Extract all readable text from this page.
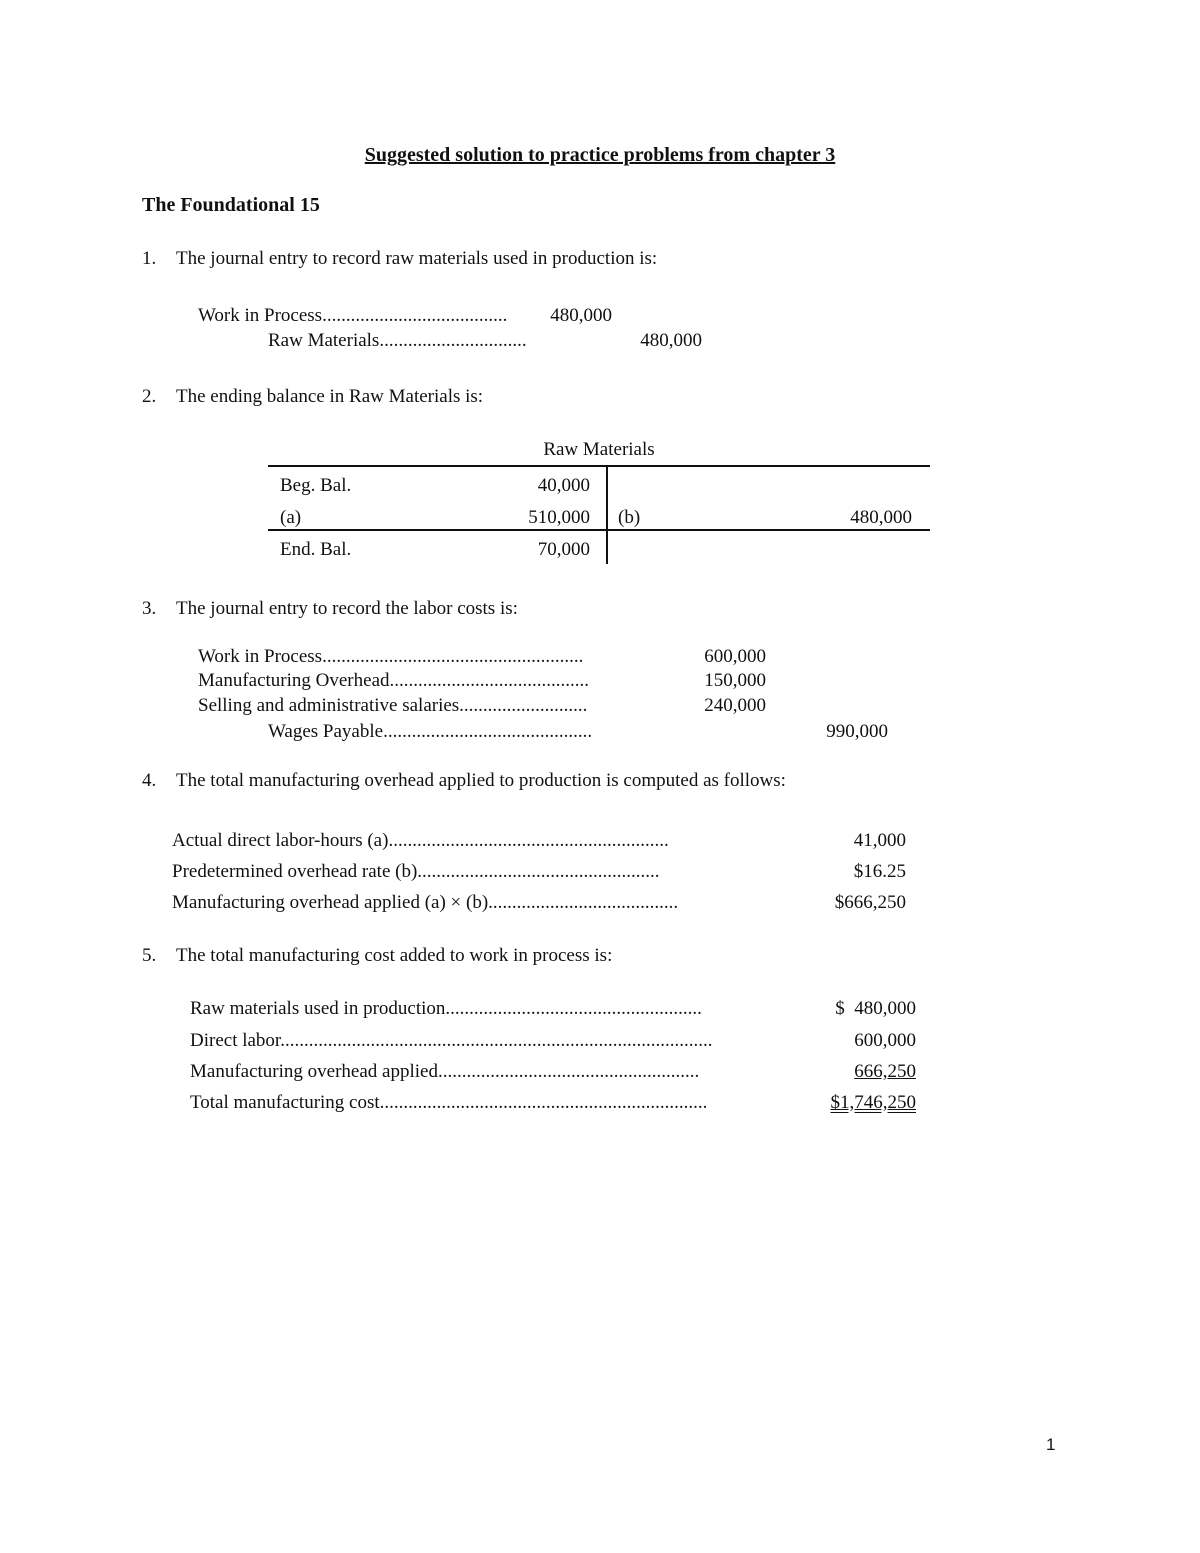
Suggested solution to practice problems from chapter 3
The Foundational 15
1.	The journal entry to record raw materials used in production is:
Work in Process.......................................	480,000
Raw Materials...............................	480,000
2.	The ending balance in Raw Materials is:
Raw Materials
Beg. Bal.	40,000
(a)	510,000 (b)	480,000
End. Bal.	70,000
3.	The journal entry to record the labor costs is:
Work in Process.......................................................	600,000
Manufacturing Overhead..........................................	150,000
Selling and administrative salaries...........................	240,000
Wages Payable............................................	990,000
4.	The total manufacturing overhead applied to production is computed as follows:
Actual direct labor-hours (a)...........................................................	41,000
Predetermined overhead rate (b)...................................................	$16.25
Manufacturing overhead applied (a) × (b)........................................	$666,250
5.	The total manufacturing cost added to work in process is:
Raw materials used in production......................................................	$  480,000
Direct labor...........................................................................................	600,000
Manufacturing overhead applied.......................................................	666,250
Total manufacturing cost.....................................................................	$1,746,250
1
